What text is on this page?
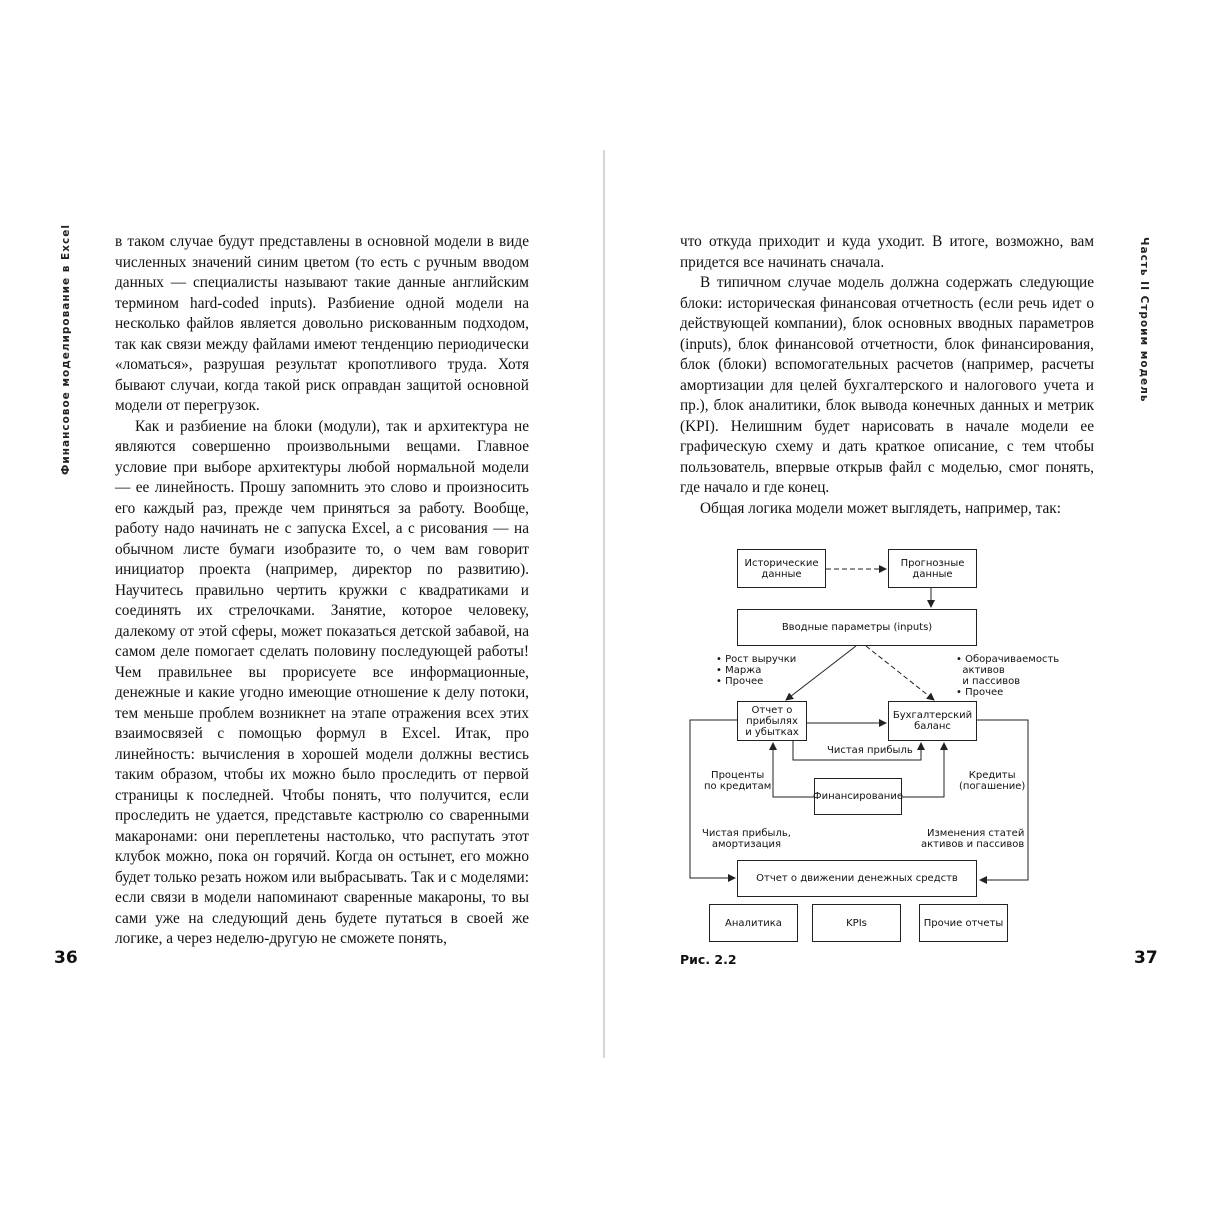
Финансовое моделирование в Excel	Часть II Строим модель

в таком случае будут представлены в основной модели в виде численных значений синим цветом (то есть с ручным вводом данных — специалисты называют такие данные английским термином hard-coded inputs). Разбиение одной модели на несколько файлов является довольно рискованным подходом, так как связи между файлами имеют тенденцию периодически «ломаться», разрушая результат кропотливого труда. Хотя бывают случаи, когда такой риск оправдан защитой основной модели от перегрузок.

Как и разбиение на блоки (модули), так и архитектура не являются совершенно произвольными вещами. Главное условие при выборе архитектуры любой нормальной модели — ее линейность. Прошу запомнить это слово и произносить его каждый раз, прежде чем приняться за работу. Вообще, работу надо начинать не с запуска Excel, а с рисования — на обычном листе бумаги изобразите то, о чем вам говорит инициатор проекта (например, директор по развитию). Научитесь правильно чертить кружки с квадратиками и соединять их стрелочками. Занятие, которое человеку, далекому от этой сферы, может показаться детской забавой, на самом деле помогает сделать половину последующей работы! Чем правильнее вы прорисуете все информационные, денежные и какие угодно имеющие отношение к делу потоки, тем меньше проблем возникнет на этапе отражения всех этих взаимосвязей с помощью формул в Excel. Итак, про линейность: вычисления в хорошей модели должны вестись таким образом, чтобы их можно было проследить от первой страницы к последней. Чтобы понять, что получится, если проследить не удается, представьте кастрюлю со сваренными макаронами: они переплетены настолько, что распутать этот клубок можно, пока он горячий. Когда он остынет, его можно будет только резать ножом или выбрасывать. Так и с моделями: если связи в модели напоминают сваренные макароны, то вы сами уже на следующий день будете путаться в своей же логике, а через неделю-другую не сможете понять,

что откуда приходит и куда уходит. В итоге, возможно, вам придется все начинать сначала.

В типичном случае модель должна содержать следующие блоки: историческая финансовая отчетность (если речь идет о действующей компании), блок основных вводных параметров (inputs), блок финансовой отчетности, блок финансирования, блок (блоки) вспомогательных расчетов (например, расчеты амортизации для целей бухгалтерского и налогового учета и пр.), блок аналитики, блок вывода конечных данных и метрик (KPI). Нелишним будет нарисовать в начале модели ее графическую схему и дать краткое описание, с тем чтобы пользователь, впервые открыв файл с моделью, смог понять, где начало и где конец.

Общая логика модели может выглядеть, например, так:

Исторические
данные
Прогнозные
данные
Вводные параметры (inputs)
Отчет о
прибылях
и убытках
Бухгалтерский
баланс
Финансирование
Отчет о движении денежных средств
Аналитика	KPIs	Прочие отчеты
• Рост выручки
• Маржа
• Прочее
• Оборачиваемость
активов
и пассивов
• Прочее
Чистая прибыль
Проценты
по кредитам
Кредиты
(погашение)
Чистая прибыль,
амортизация
Изменения статей
активов и пассивов
Рис. 2.2
36	37
